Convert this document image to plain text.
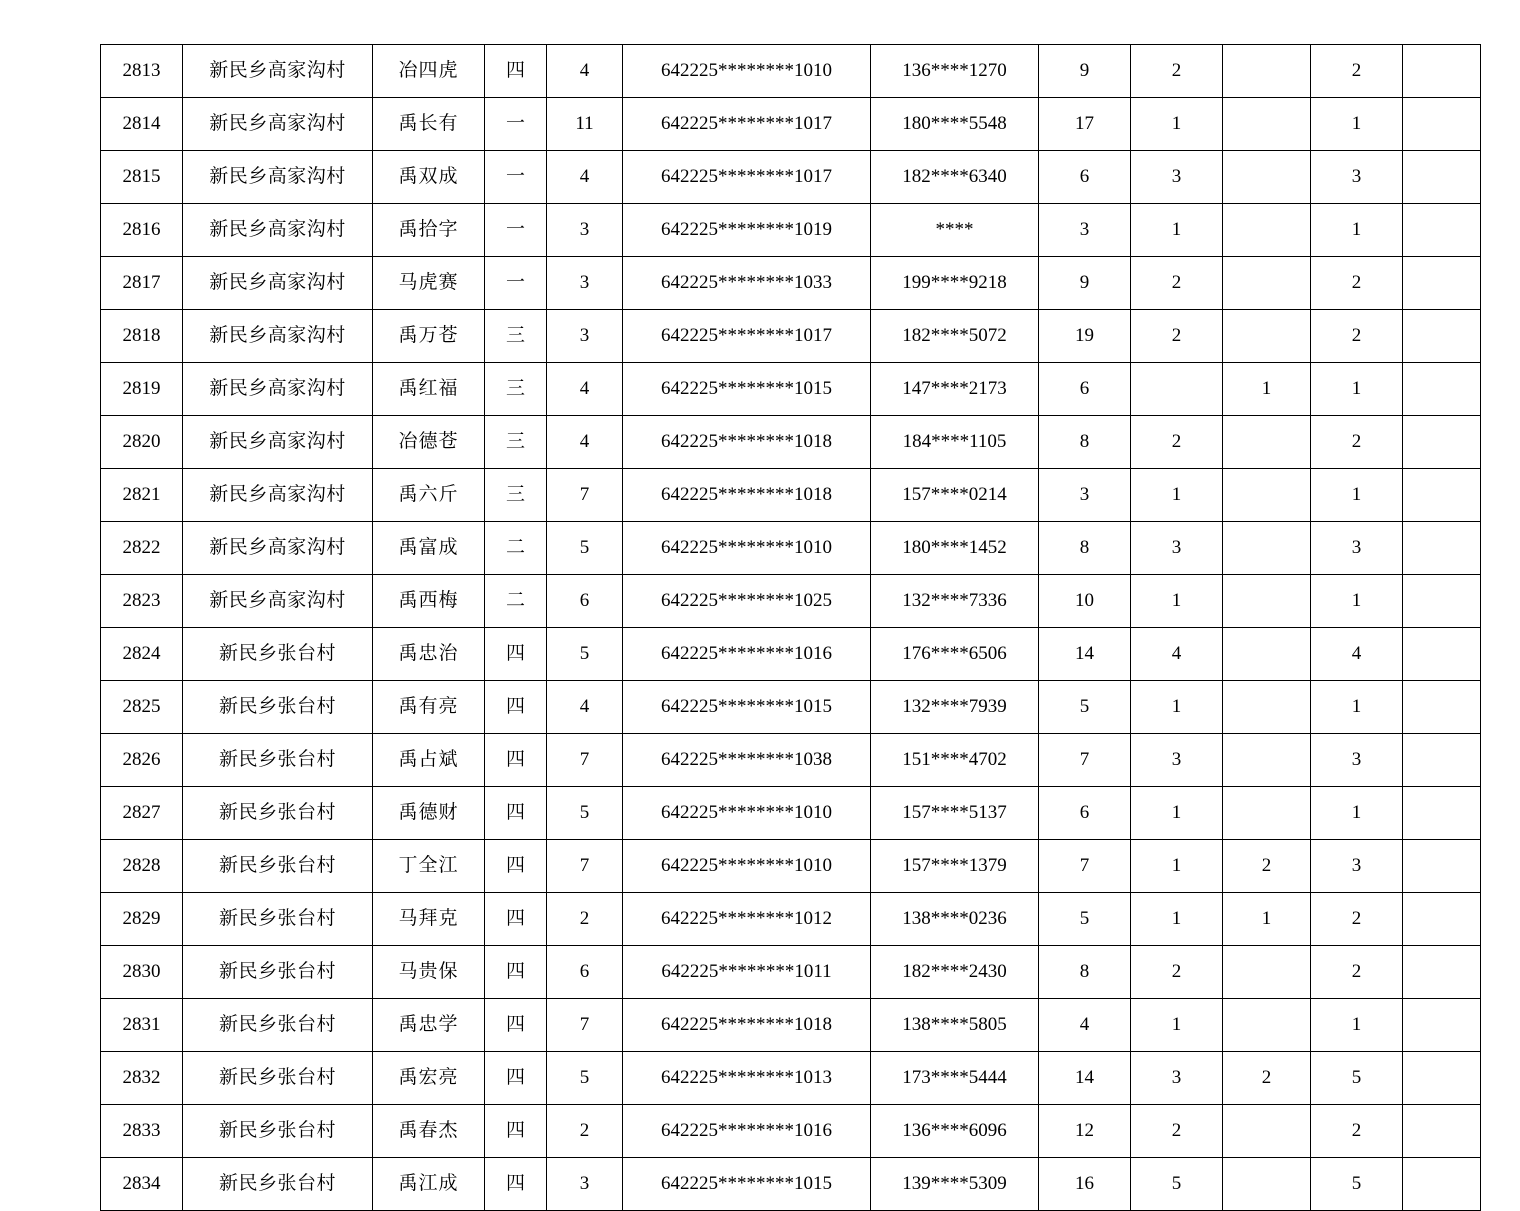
2813	新民乡高家沟村	冶四虎	四	4	642225********1010	136****1270	9	2		2	
2814	新民乡高家沟村	禹长有	一	11	642225********1017	180****5548	17	1		1	
2815	新民乡高家沟村	禹双成	一	4	642225********1017	182****6340	6	3		3	
2816	新民乡高家沟村	禹拾字	一	3	642225********1019	****	3	1		1	
2817	新民乡高家沟村	马虎赛	一	3	642225********1033	199****9218	9	2		2	
2818	新民乡高家沟村	禹万苍	三	3	642225********1017	182****5072	19	2		2	
2819	新民乡高家沟村	禹红福	三	4	642225********1015	147****2173	6		1	1	
2820	新民乡高家沟村	冶德苍	三	4	642225********1018	184****1105	8	2		2	
2821	新民乡高家沟村	禹六斤	三	7	642225********1018	157****0214	3	1		1	
2822	新民乡高家沟村	禹富成	二	5	642225********1010	180****1452	8	3		3	
2823	新民乡高家沟村	禹西梅	二	6	642225********1025	132****7336	10	1		1	
2824	新民乡张台村	禹忠治	四	5	642225********1016	176****6506	14	4		4	
2825	新民乡张台村	禹有亮	四	4	642225********1015	132****7939	5	1		1	
2826	新民乡张台村	禹占斌	四	7	642225********1038	151****4702	7	3		3	
2827	新民乡张台村	禹德财	四	5	642225********1010	157****5137	6	1		1	
2828	新民乡张台村	丁全江	四	7	642225********1010	157****1379	7	1	2	3	
2829	新民乡张台村	马拜克	四	2	642225********1012	138****0236	5	1	1	2	
2830	新民乡张台村	马贵保	四	6	642225********1011	182****2430	8	2		2	
2831	新民乡张台村	禹忠学	四	7	642225********1018	138****5805	4	1		1	
2832	新民乡张台村	禹宏亮	四	5	642225********1013	173****5444	14	3	2	5	
2833	新民乡张台村	禹春杰	四	2	642225********1016	136****6096	12	2		2	
2834	新民乡张台村	禹江成	四	3	642225********1015	139****5309	16	5		5	
